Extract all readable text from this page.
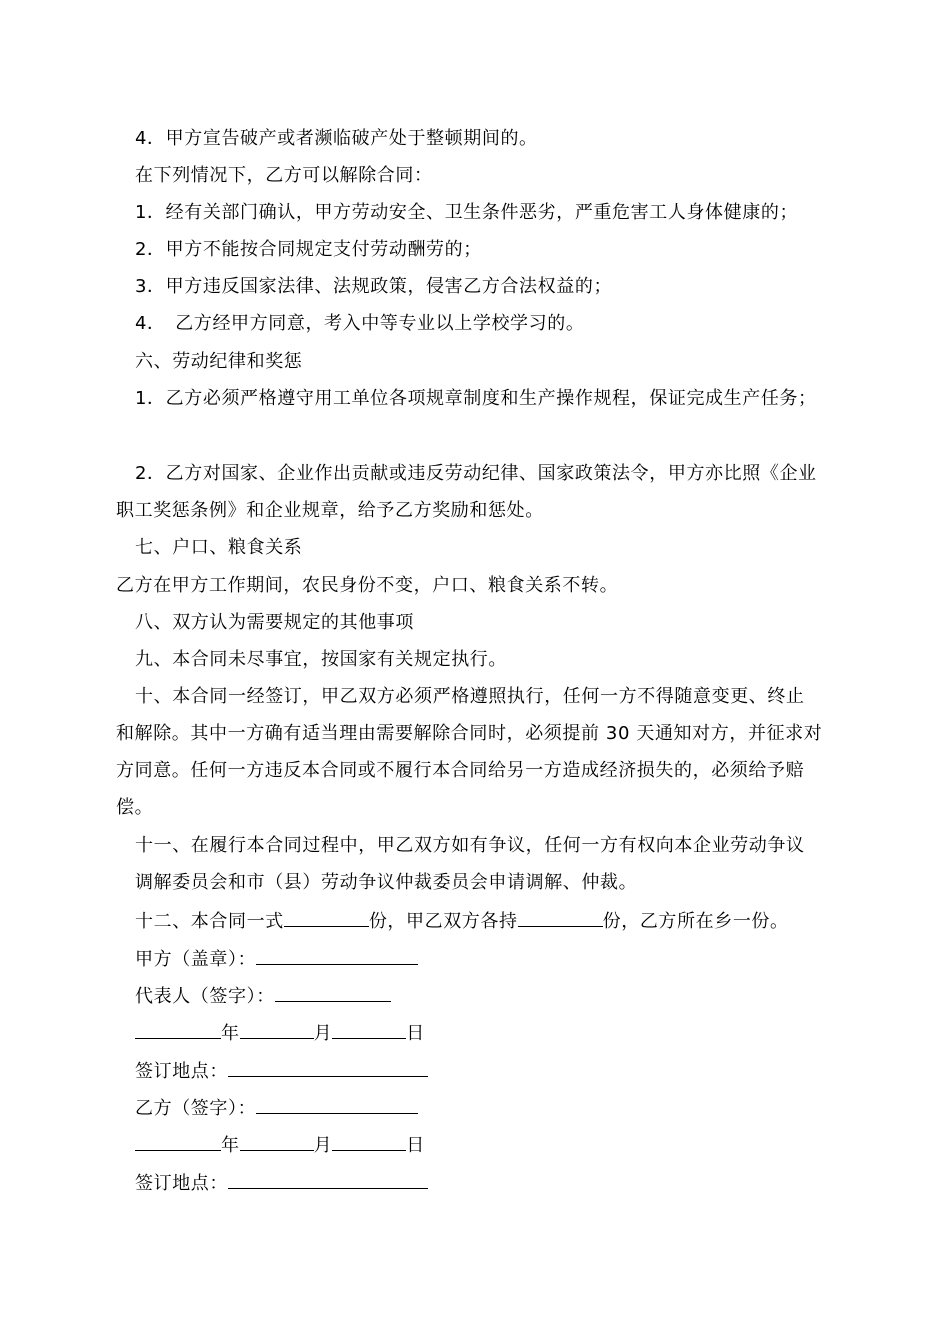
4．甲方宣告破产或者濒临破产处于整顿期间的。
在下列情况下，乙方可以解除合同：
1．经有关部门确认，甲方劳动安全、卫生条件恶劣，严重危害工人身体健康的；
2．甲方不能按合同规定支付劳动酬劳的；
3．甲方违反国家法律、法规政策，侵害乙方合法权益的；
4．　乙方经甲方同意，考入中等专业以上学校学习的。
六、劳动纪律和奖惩
1．乙方必须严格遵守用工单位各项规章制度和生产操作规程，保证完成生产任务；
2．乙方对国家、企业作出贡献或违反劳动纪律、国家政策法令，甲方亦比照《企业
职工奖惩条例》和企业规章，给予乙方奖励和惩处。
七、户口、粮食关系
乙方在甲方工作期间，农民身份不变，户口、粮食关系不转。
八、双方认为需要规定的其他事项
九、本合同未尽事宜，按国家有关规定执行。
十、本合同一经签订，甲乙双方必须严格遵照执行，任何一方不得随意变更、终止
和解除。其中一方确有适当理由需要解除合同时，必须提前 30 天通知对方，并征求对
方同意。任何一方违反本合同或不履行本合同给另一方造成经济损失的，必须给予赔
偿。
十一、在履行本合同过程中，甲乙双方如有争议，任何一方有权向本企业劳动争议
调解委员会和市（县）劳动争议仲裁委员会申请调解、仲裁。
十二、本合同一式	份，甲乙双方各持	份，乙方所在乡一份。
甲方（盖章）：
代表人（签字）：
年	月	日
签订地点：
乙方（签字）：
年	月	日
签订地点：
